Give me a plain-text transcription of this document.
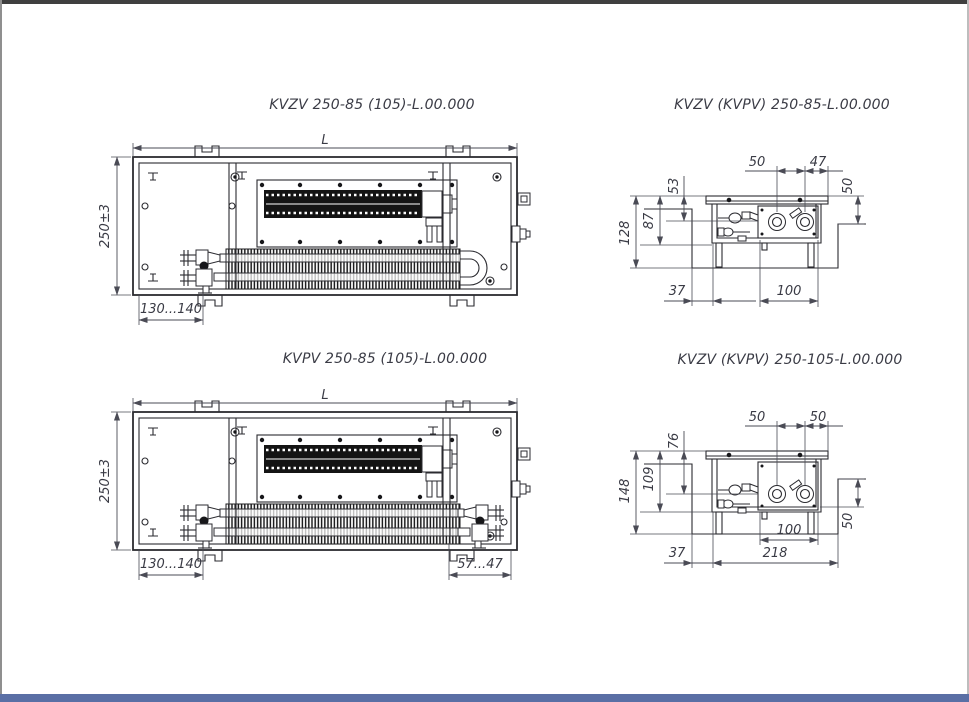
KVZV 250-85 (105)-L.00.000
L
250±3
130...140
KVPV 250-85 (105)-L.00.000
L
250±3
130...140	57...47
KVZV (KVPV) 250-85-L.00.000
50	47
53
87
128
50
37	100
KVZV (KVPV) 250-105-L.00.000
50	50
76
109
148
50
100
37	218
